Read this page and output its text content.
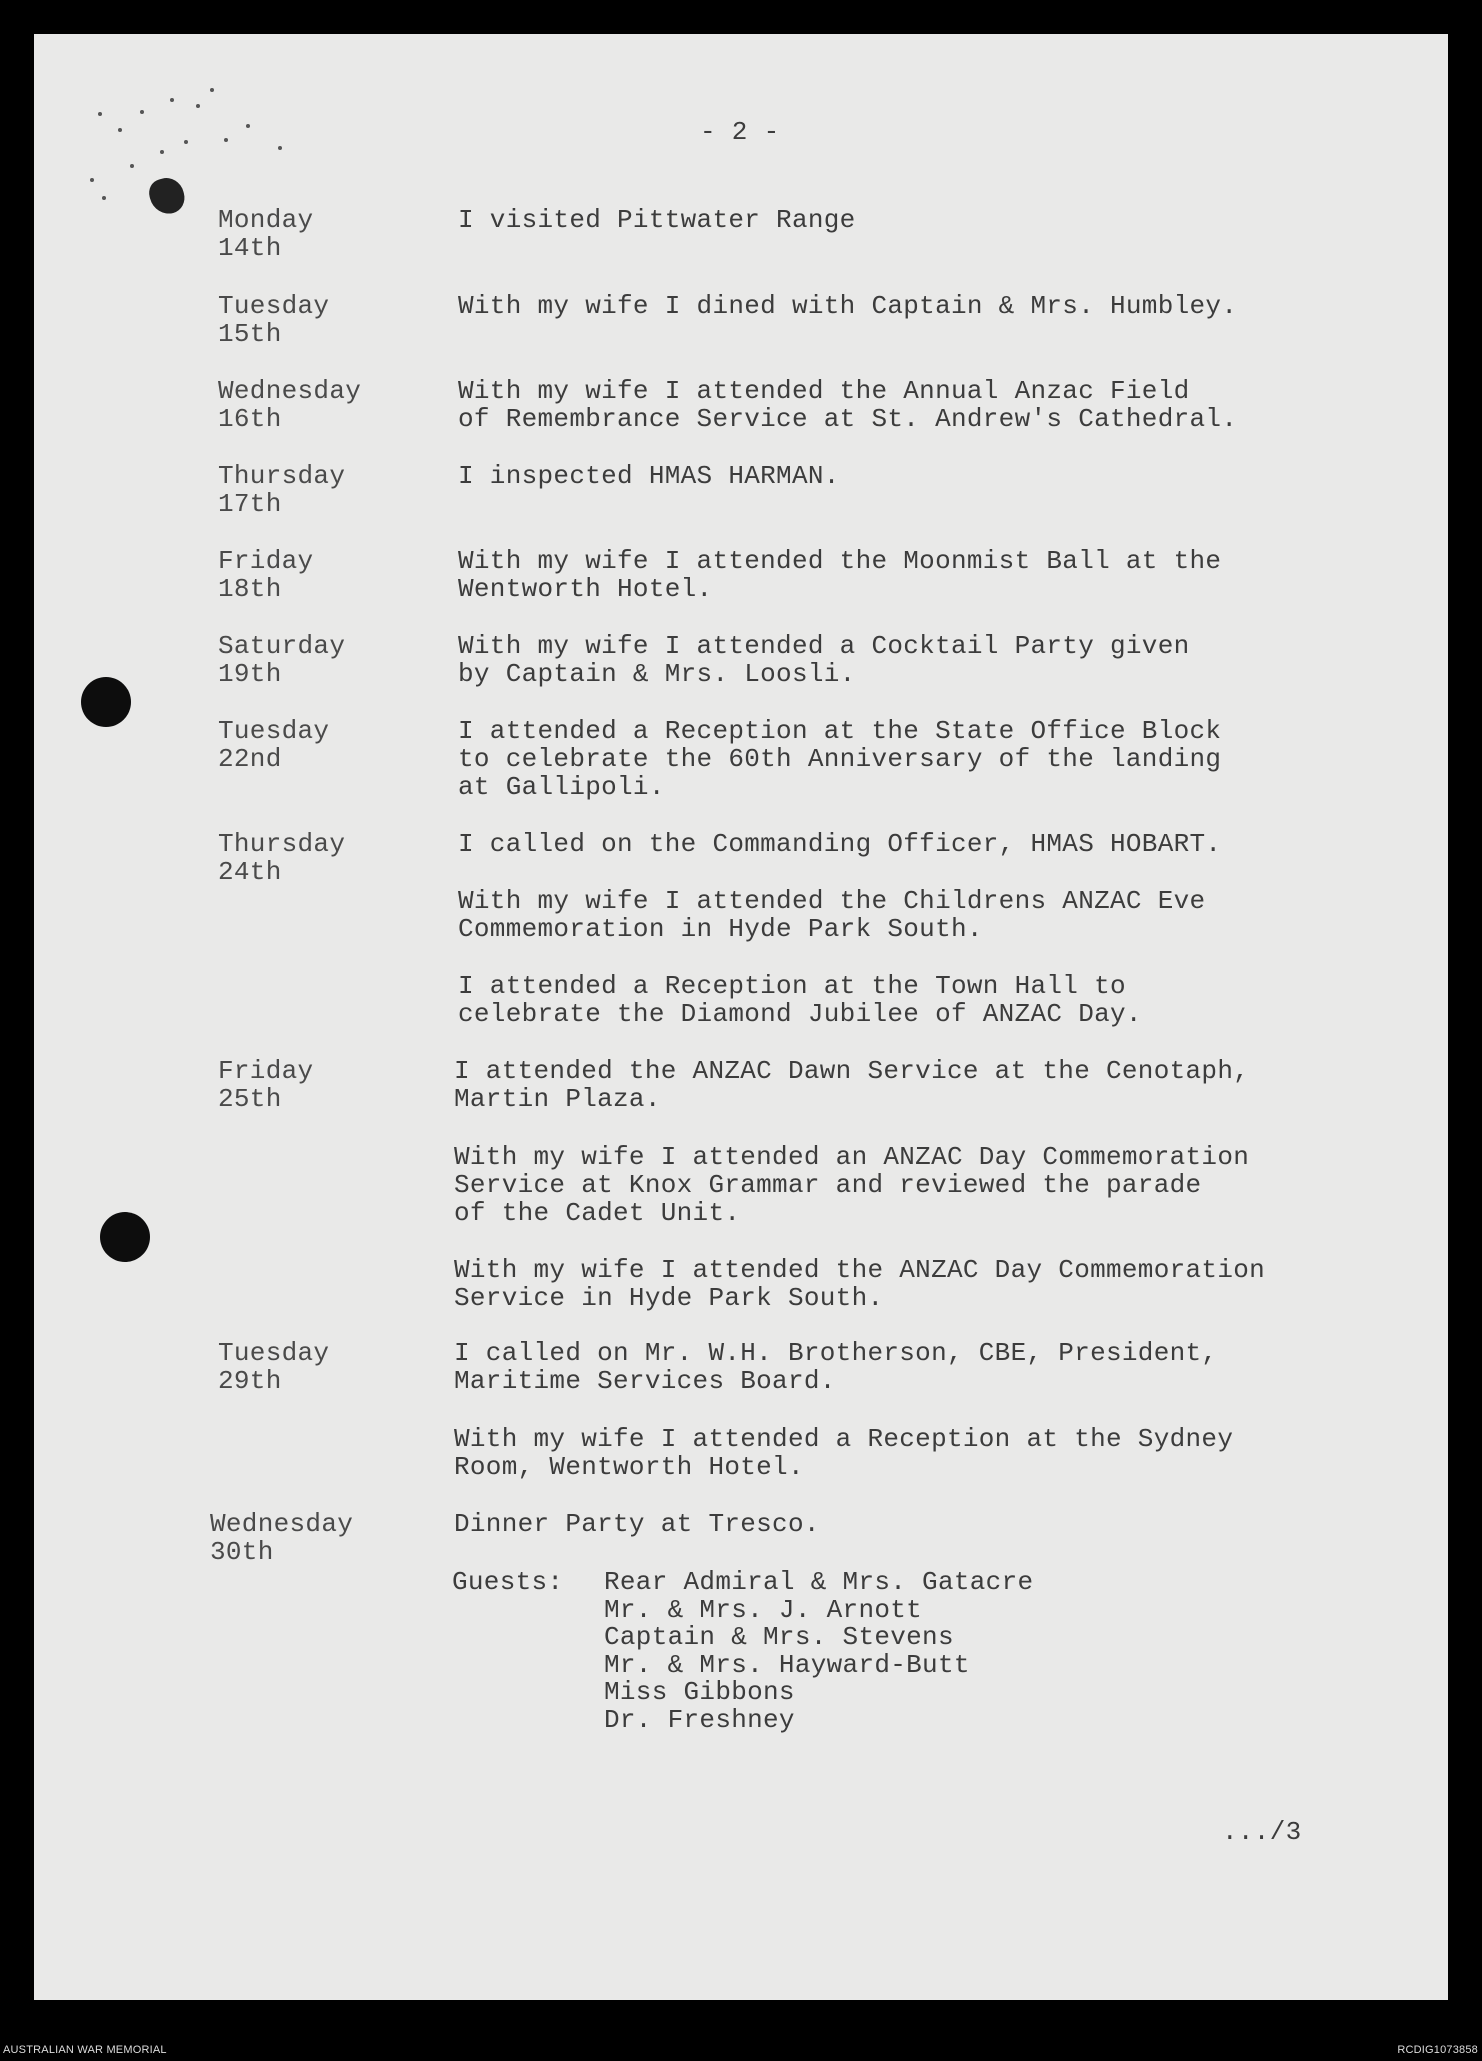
- 2 -
Monday
14th
I visited Pittwater Range
Tuesday
15th
With my wife I dined with Captain & Mrs. Humbley.
Wednesday
16th
With my wife I attended the Annual Anzac Field
of Remembrance Service at St. Andrew's Cathedral.
Thursday
17th
I inspected HMAS HARMAN.
Friday
18th
With my wife I attended the Moonmist Ball at the
Wentworth Hotel.
Saturday
19th
With my wife I attended a Cocktail Party given
by Captain & Mrs. Loosli.
Tuesday
22nd
I attended a Reception at the State Office Block
to celebrate the 60th Anniversary of the landing
at Gallipoli.
Thursday
24th
I called on the Commanding Officer, HMAS HOBART.
With my wife I attended the Childrens ANZAC Eve
Commemoration in Hyde Park South.
I attended a Reception at the Town Hall to
celebrate the Diamond Jubilee of ANZAC Day.
Friday
25th
I attended the ANZAC Dawn Service at the Cenotaph,
Martin Plaza.
With my wife I attended an ANZAC Day Commemoration
Service at Knox Grammar and reviewed the parade
of the Cadet Unit.
With my wife I attended the ANZAC Day Commemoration
Service in Hyde Park South.
Tuesday
29th
I called on Mr. W.H. Brotherson, CBE, President,
Maritime Services Board.
With my wife I attended a Reception at the Sydney
Room, Wentworth Hotel.
Wednesday
30th
Dinner Party at Tresco.
Guests: Rear Admiral & Mrs. Gatacre
Mr. & Mrs. J. Arnott
Captain & Mrs. Stevens
Mr. & Mrs. Hayward-Butt
Miss Gibbons
Dr. Freshney
.../3
AUSTRALIAN WAR MEMORIAL	RCDIG1073858
